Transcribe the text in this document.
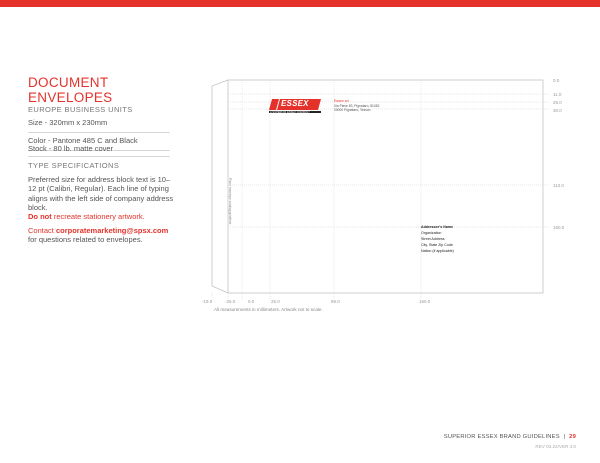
DOCUMENT
ENVELOPES
EUROPE BUSINESS UNITS
Size - 320mm x 230mm
Color - Pantone 485 C and Black
Stock - 80 lb. matte cover
TYPE SPECIFICATIONS
Preferred size for address block text is 10–12 pt (Calibri, Regular). Each line of typing aligns with the left side of company address block.
Do not recreate stationery artwork.
Contact corporatemarketing@spsx.com
for questions related to envelopes.
ESSEX
A SUPERIOR ESSEX COMPANY
Essex srl
Via Piave 83, Pignataro, 81052
00000 Pignataro, Tesson
Place envelope sealing guideline
Addressee's Name
Organization
Street Address
City, State Zip Code
Nation (if applicable)
0.0
11.0
25.0
30.0
113.0
160.0
-19.0	-25.0	0.0	25.0	89.0	160.0
All measurements in millimeters. Artwork not to scale.
SUPERIOR ESSEX BRAND GUIDELINES | 29
REV 03.22/VER 4.0
